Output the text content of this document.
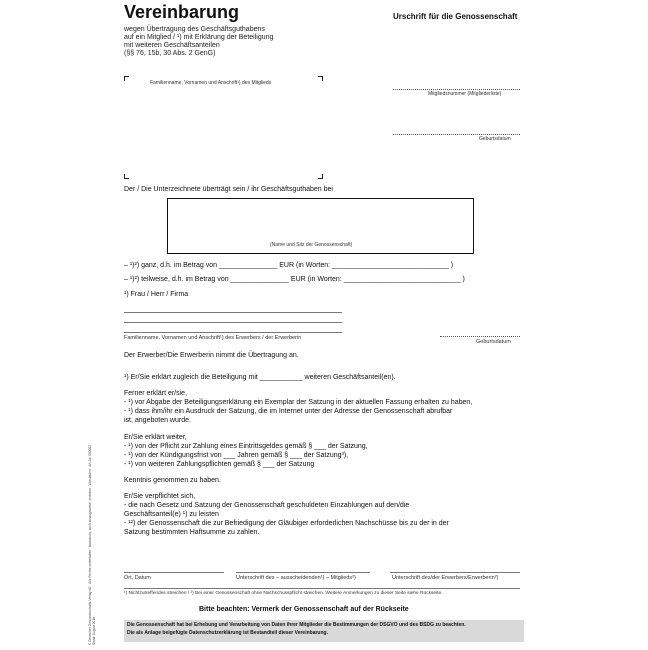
Vereinbarung	Urschrift für die Genossenschaft
wegen Übertragung des Geschäftsguthabens
auf ein Mitglied / ¹) mit Erklärung der Beteiligung
mit weiteren Geschäftsanteilen
(§§ 76, 15b, 30 Abs. 2 GenG)
Familienname, Vornamen und Anschrift¹) des Mitglieds
Mitgliedsnummer (Mitgliederliste)
Geburtsdatum
Der / Die Unterzeichnete überträgt sein / ihr Geschäftsguthaben bei
(Name und Sitz der Genossenschaft)
– ¹)²) ganz, d.h. im Betrag von _______________ EUR (in Worten: ______________________________ )
– ¹)²) teilweise, d.h. im Betrag von _______________ EUR (in Worten: ______________________________ )
¹) Frau / Herr / Firma
Familienname, Vornamen und Anschrift¹) des Erwerbers / der Erwerberin
Geburtsdatum
Der Erwerber/Die Erwerberin nimmt die Übertragung an.
¹) Er/Sie erklärt zugleich die Beteiligung mit ___________ weiteren Geschäftsanteil(en).
Ferner erklärt er/sie,
- ¹) vor Abgabe der Beteiligungserklärung ein Exemplar der Satzung in der aktuellen Fassung erhalten zu haben,
- ¹) dass ihm/ihr ein Ausdruck der Satzung, die im Internet unter der Adresse der Genossenschaft abrufbar
ist, angeboten wurde.
Er/Sie erklärt weiter,
- ¹) von der Pflicht zur Zahlung eines Eintrittsgeldes gemäß § ___ der Satzung,
- ¹) von der Kündigungsfrist von ___ Jahren gemäß § ___ der Satzung³),
- ¹) von weiteren Zahlungspflichten gemäß § ___ der Satzung
Kenntnis genommen zu haben.
Er/Sie verpflichtet sich,
- die nach Gesetz und Satzung der Genossenschaft geschuldeten Einzahlungen auf den/die
Geschäftsanteil(e) ¹) zu leisten
- ¹²) der Genossenschaft die zur Befriedigung der Gläubiger erforderlichen Nachschüsse bis zu der in der
Satzung bestimmten Haftsumme zu zahlen.
Ort, Datum	Unterschrift des – ausscheidenden¹) – Mitglieds²)	Unterschrift des/der Erwerbers/Erwerberin²)
¹) Nichtzutreffendes streichen / ²) Bei einer Genossenschaft ohne Nachschusspflicht streichen. Weitere Anmerkungen zu dieser Seite siehe Rückseite.
Bitte beachten: Vermerk der Genossenschaft auf der Rückseite
Die Genossenschaft hat bei Erhebung und Verarbeitung von Daten ihrer Mitglieder die Bestimmungen der DSGVO und des BSDG zu beachten.
Die als Anlage beigefügte Datenschutzerklärung ist Bestandteil dieser Vereinbarung.
© Deutscher Genossenschafts-Verlag eG · Alle Rechte vorbehalten · Nachdruck, auch auszugsweise, verboten · Wiesbaden · Art.-Nr. 000000 · Stand: August 2018
